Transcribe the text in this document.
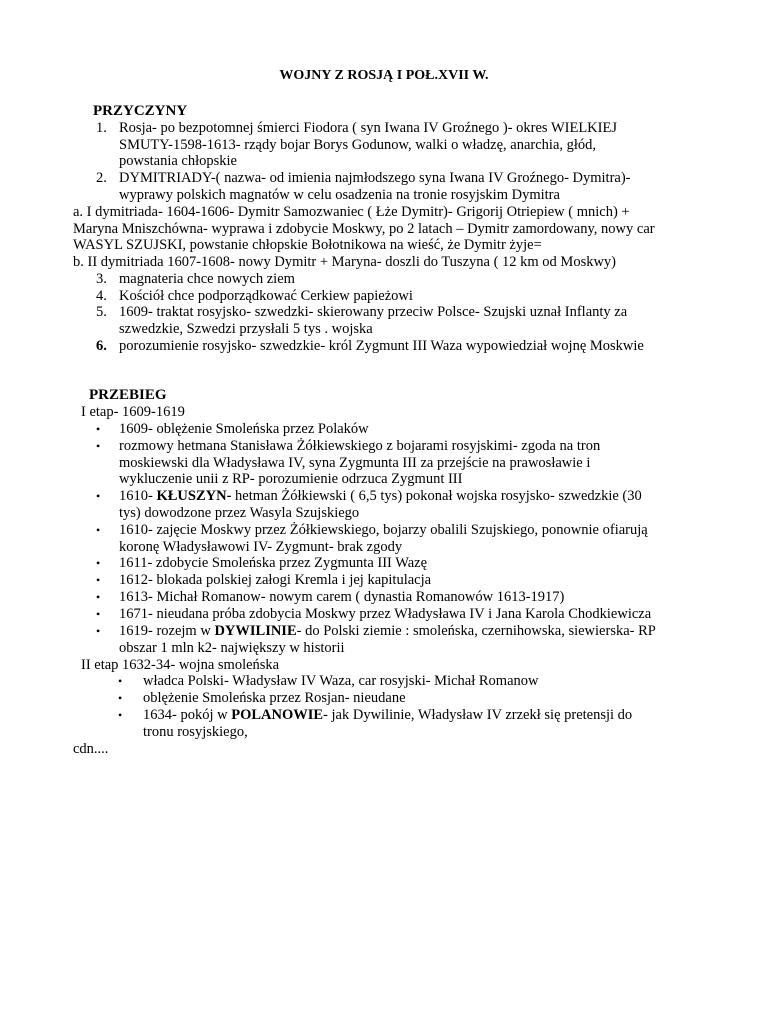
WOJNY Z ROSJĄ I POŁ.XVII W.
PRZYCZYNY
1. Rosja- po bezpotomnej śmierci Fiodora ( syn Iwana IV Groźnego )- okres WIELKIEJ
SMUTY-1598-1613- rządy bojar Borys Godunow, walki o władzę, anarchia, głód,
powstania chłopskie
2. DYMITRIADY-( nazwa- od imienia najmłodszego syna Iwana IV Groźnego- Dymitra)-
wyprawy polskich magnatów w celu osadzenia na tronie rosyjskim Dymitra
a. I dymitriada- 1604-1606- Dymitr Samozwaniec ( Łże Dymitr)- Grigorij Otriepiew ( mnich) +
Maryna Mniszchówna- wyprawa i zdobycie Moskwy, po 2 latach – Dymitr zamordowany, nowy car
WASYL SZUJSKI, powstanie chłopskie Bołotnikowa na wieść, że Dymitr żyje=
b. II dymitriada 1607-1608- nowy Dymitr + Maryna- doszli do Tuszyna ( 12 km od Moskwy)
3. magnateria chce nowych ziem
4. Kościół chce podporządkować Cerkiew papieżowi
5. 1609- traktat rosyjsko- szwedzki- skierowany przeciw Polsce- Szujski uznał Inflanty za
szwedzkie, Szwedzi przysłali 5 tys . wojska
6. porozumienie rosyjsko- szwedzkie- król Zygmunt III Waza wypowiedział wojnę Moskwie
PRZEBIEG
I etap- 1609-1619
• 1609- oblężenie Smoleńska przez Polaków
• rozmowy hetmana Stanisława Żółkiewskiego z bojarami rosyjskimi- zgoda na tron
moskiewski dla Władysława IV, syna Zygmunta III za przejście na prawosławie i
wykluczenie unii z RP- porozumienie odrzuca Zygmunt III
• 1610- KŁUSZYN- hetman Żółkiewski ( 6,5 tys) pokonał wojska rosyjsko- szwedzkie (30
tys) dowodzone przez Wasyla Szujskiego
• 1610- zajęcie Moskwy przez Żółkiewskiego, bojarzy obalili Szujskiego, ponownie ofiarują
koronę Władysławowi IV- Zygmunt- brak zgody
• 1611- zdobycie Smoleńska przez Zygmunta III Wazę
• 1612- blokada polskiej załogi Kremla i jej kapitulacja
• 1613- Michał Romanow- nowym carem ( dynastia Romanowów 1613-1917)
• 1671- nieudana próba zdobycia Moskwy przez Władysława IV i Jana Karola Chodkiewicza
• 1619- rozejm w DYWILINIE- do Polski ziemie : smoleńska, czernihowska, siewierska- RP
obszar 1 mln k2- największy w historii
II etap 1632-34- wojna smoleńska
• władca Polski- Władysław IV Waza, car rosyjski- Michał Romanow
• oblężenie Smoleńska przez Rosjan- nieudane
• 1634- pokój w POLANOWIE- jak Dywilinie, Władysław IV zrzekł się pretensji do
tronu rosyjskiego,
cdn....
